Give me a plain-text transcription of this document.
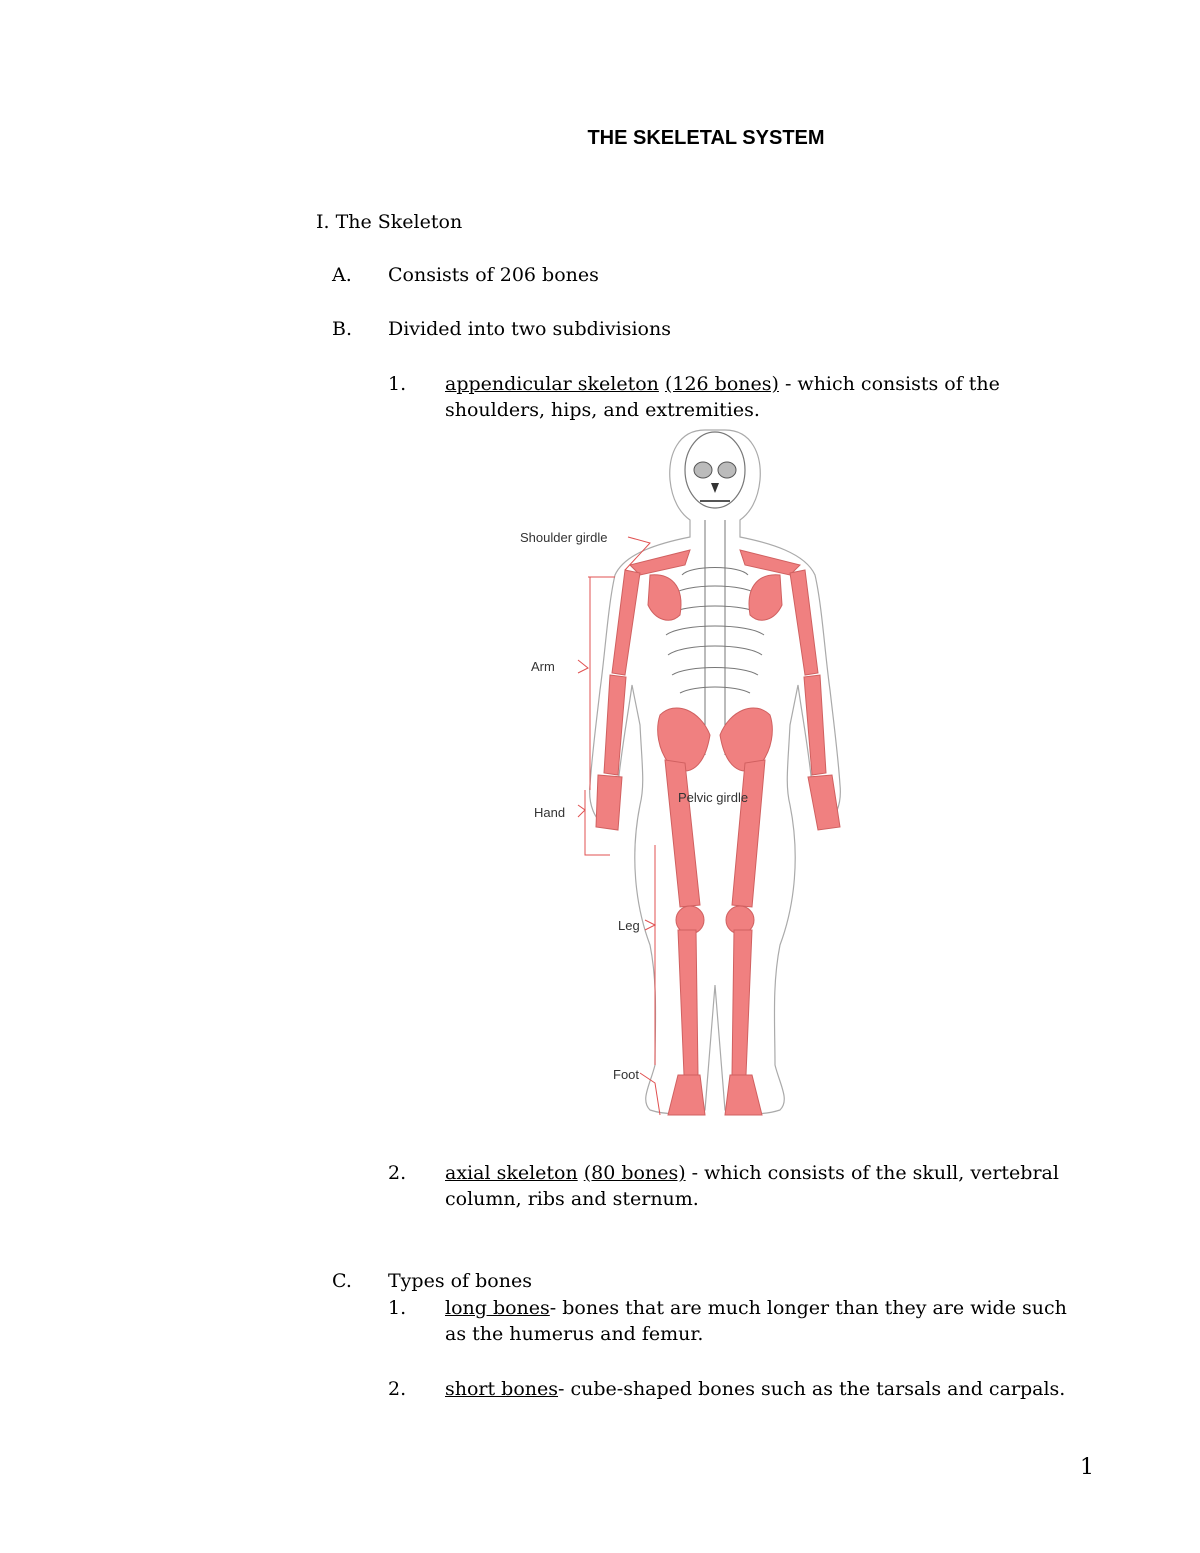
THE SKELETAL SYSTEM
I. The Skeleton
A. Consists of 206 bones
B. Divided into two subdivisions
1. appendicular skeleton (126 bones) - which consists of the
shoulders, hips, and extremities.
Shoulder girdle
Arm
Hand
Pelvic girdle
Leg
Foot
2. axial skeleton (80 bones) - which consists of the skull, vertebral
column, ribs and sternum.
C. Types of bones
1. long bones- bones that are much longer than they are wide such
as the humerus and femur.
2. short bones- cube-shaped bones such as the tarsals and carpals.
1
